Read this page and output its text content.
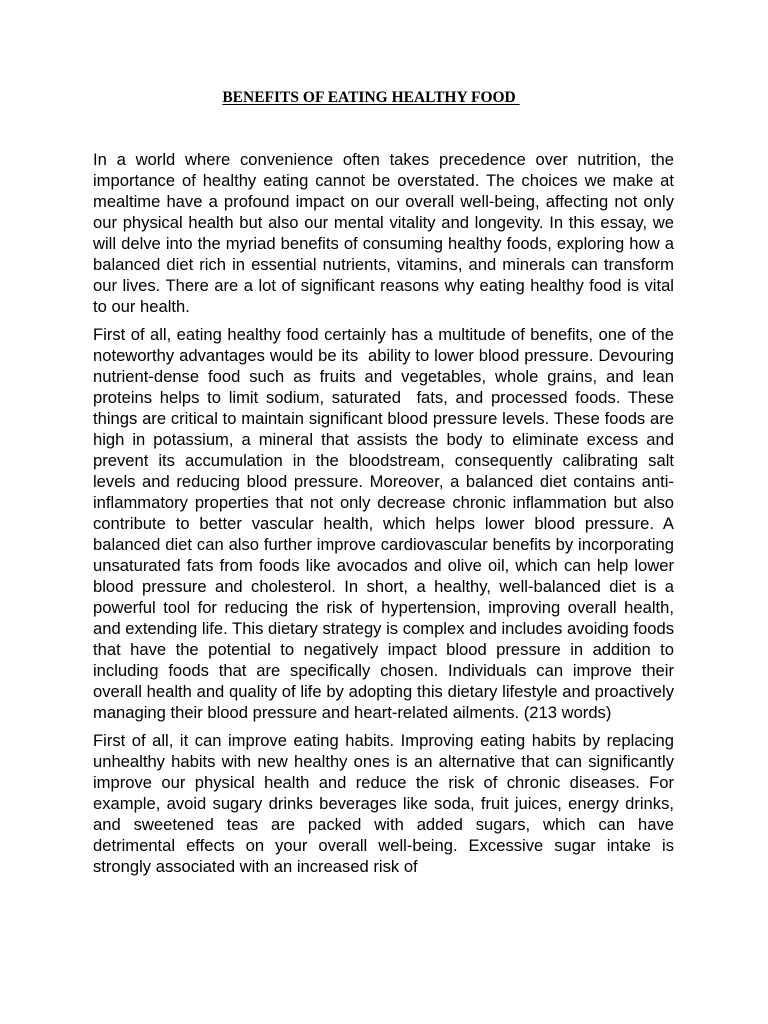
BENEFITS OF EATING HEALTHY FOOD

In a world where convenience often takes precedence over nutrition, the importance of healthy eating cannot be overstated. The choices we make at mealtime have a profound impact on our overall well-being, affecting not only our physical health but also our mental vitality and longevity. In this essay, we will delve into the myriad benefits of consuming healthy foods, exploring how a balanced diet rich in essential nutrients, vitamins, and minerals can transform our lives. There are a lot of significant reasons why eating healthy food is vital to our health.

First of all, eating healthy food certainly has a multitude of benefits, one of the noteworthy advantages would be its  ability to lower blood pressure. Devouring nutrient-dense food such as fruits and vegetables, whole grains, and lean proteins helps to limit sodium, saturated  fats, and processed foods. These things are critical to maintain significant blood pressure levels. These foods are high in potassium, a mineral that assists the body to eliminate excess and prevent its accumulation in the bloodstream, consequently calibrating salt levels and reducing blood pressure. Moreover, a balanced diet contains anti-inflammatory properties that not only decrease chronic inflammation but also contribute to better vascular health, which helps lower blood pressure. A balanced diet can also further improve cardiovascular benefits by incorporating unsaturated fats from foods like avocados and olive oil, which can help lower blood pressure and cholesterol. In short, a healthy, well-balanced diet is a powerful tool for reducing the risk of hypertension, improving overall health, and extending life. This dietary strategy is complex and includes avoiding foods that have the potential to negatively impact blood pressure in addition to including foods that are specifically chosen. Individuals can improve their overall health and quality of life by adopting this dietary lifestyle and proactively managing their blood pressure and heart-related ailments. (213 words)

First of all, it can improve eating habits. Improving eating habits by replacing unhealthy habits with new healthy ones is an alternative that can significantly improve our physical health and reduce the risk of chronic diseases. For example, avoid sugary drinks beverages like soda, fruit juices, energy drinks, and sweetened teas are packed with added sugars, which can have detrimental effects on your overall well-being. Excessive sugar intake is strongly associated with an increased risk of
